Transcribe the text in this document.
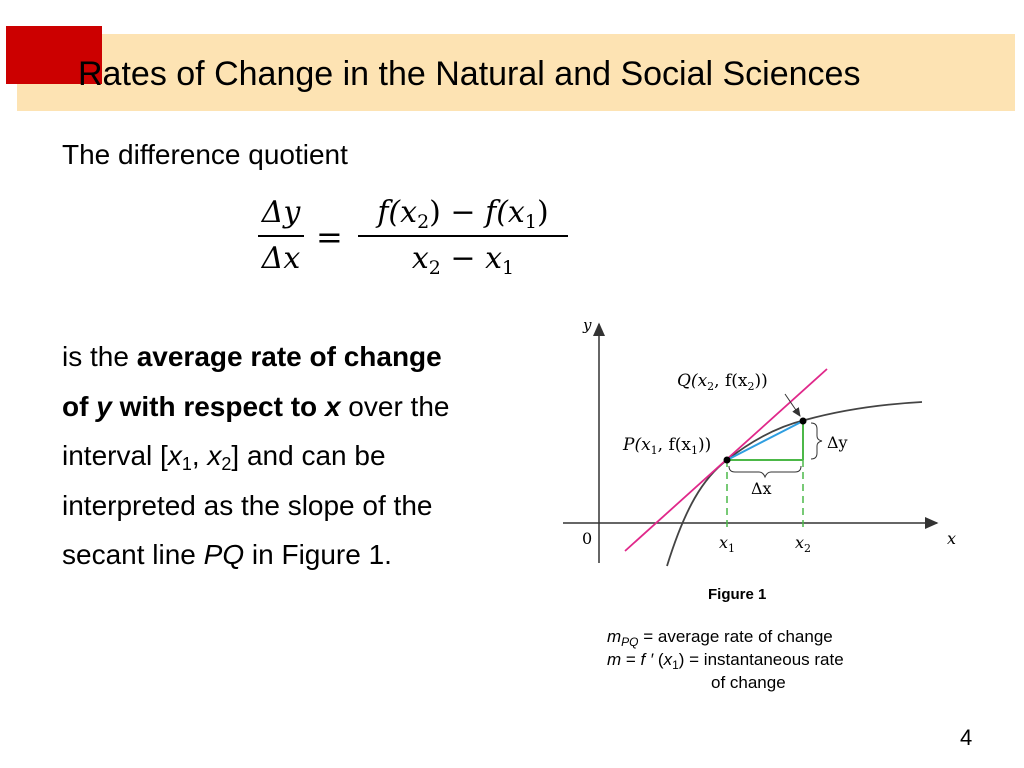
Rates of Change in the Natural and Social Sciences
The difference quotient
Δy
Δx
=
$f(x_2) - f(x_1)$
$x_2 - x_1$
is the average rate of change
of y with respect to x over the
interval [$x_1$, $x_2$] and can be
interpreted as the slope of the
secant line PQ in Figure 1.
y
x
0
Δy
Δx
$Q(x_2$, $f(x_2)$)
$P(x_1$, $f(x_1)$)
$x_1$	$x_2$
Figure 1
$m_{PQ}$ = average rate of change
m = f ′ $(x_1)$ = instantaneous rate
of change
4
